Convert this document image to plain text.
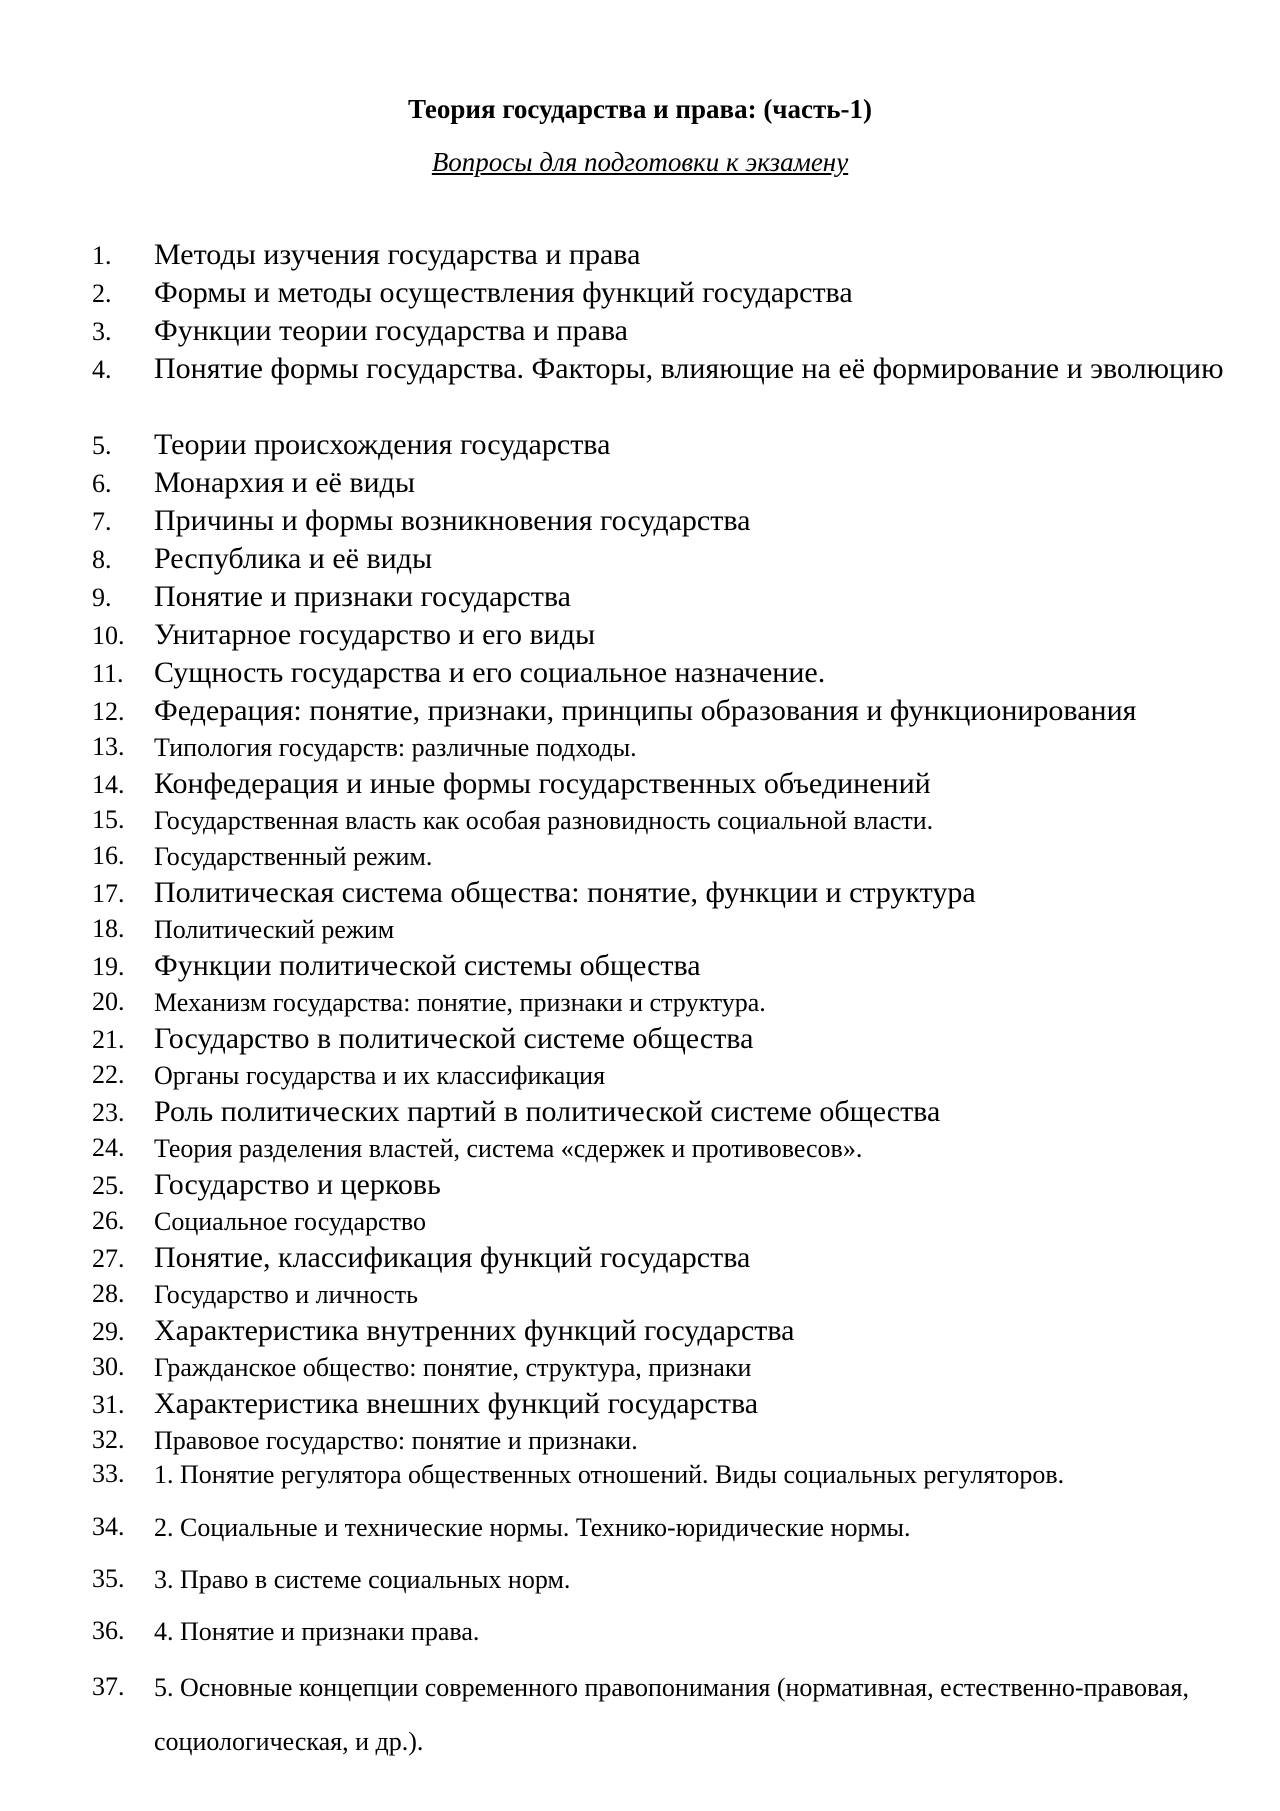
Теория государства и права: (часть-1)
Вопросы для подготовки к экзамену
1.	Методы изучения государства и права
2.	Формы и методы осуществления функций государства
3.	Функции теории государства и права
4.	Понятие формы государства. Факторы, влияющие на её формирование и эволюцию
5.	Теории происхождения государства
6.	Монархия и её виды
7.	Причины и формы возникновения государства
8.	Республика и её виды
9.	Понятие и признаки государства
10. Унитарное государство и его виды
11.	Сущность государства и его социальное назначение.
12. Федерация: понятие, признаки, принципы образования и функционирования
13.	Типология государств: различные подходы.
14. Конфедерация и иные формы государственных объединений
15.	Государственная власть как особая разновидность социальной власти.
16.	Государственный режим.
17. Политическая система общества: понятие, функции и структура
18.	Политический режим
19. Функции политической системы общества
20.	Механизм государства: понятие, признаки и структура.
21. Государство в политической системе общества
22.	Органы государства и их классификация
23. Роль политических партий в политической системе общества
24.	Теория разделения властей, система «сдержек и противовесов».
25. Государство и церковь
26.	Социальное государство
27. Понятие, классификация функций государства
28.	Государство и личность
29. Характеристика внутренних функций государства
30.	Гражданское общество: понятие, структура, признаки
31. Характеристика внешних функций государства
32.	Правовое государство: понятие и признаки.
33.	1. Понятие регулятора общественных отношений. Виды социальных регуляторов.
34.	2. Социальные и технические нормы. Технико-юридические нормы.
35.	3. Право в системе социальных норм.
36.	4. Понятие и признаки права.
37.	5. Основные концепции современного правопонимания (нормативная, естественно-правовая, социологическая, и др.).
